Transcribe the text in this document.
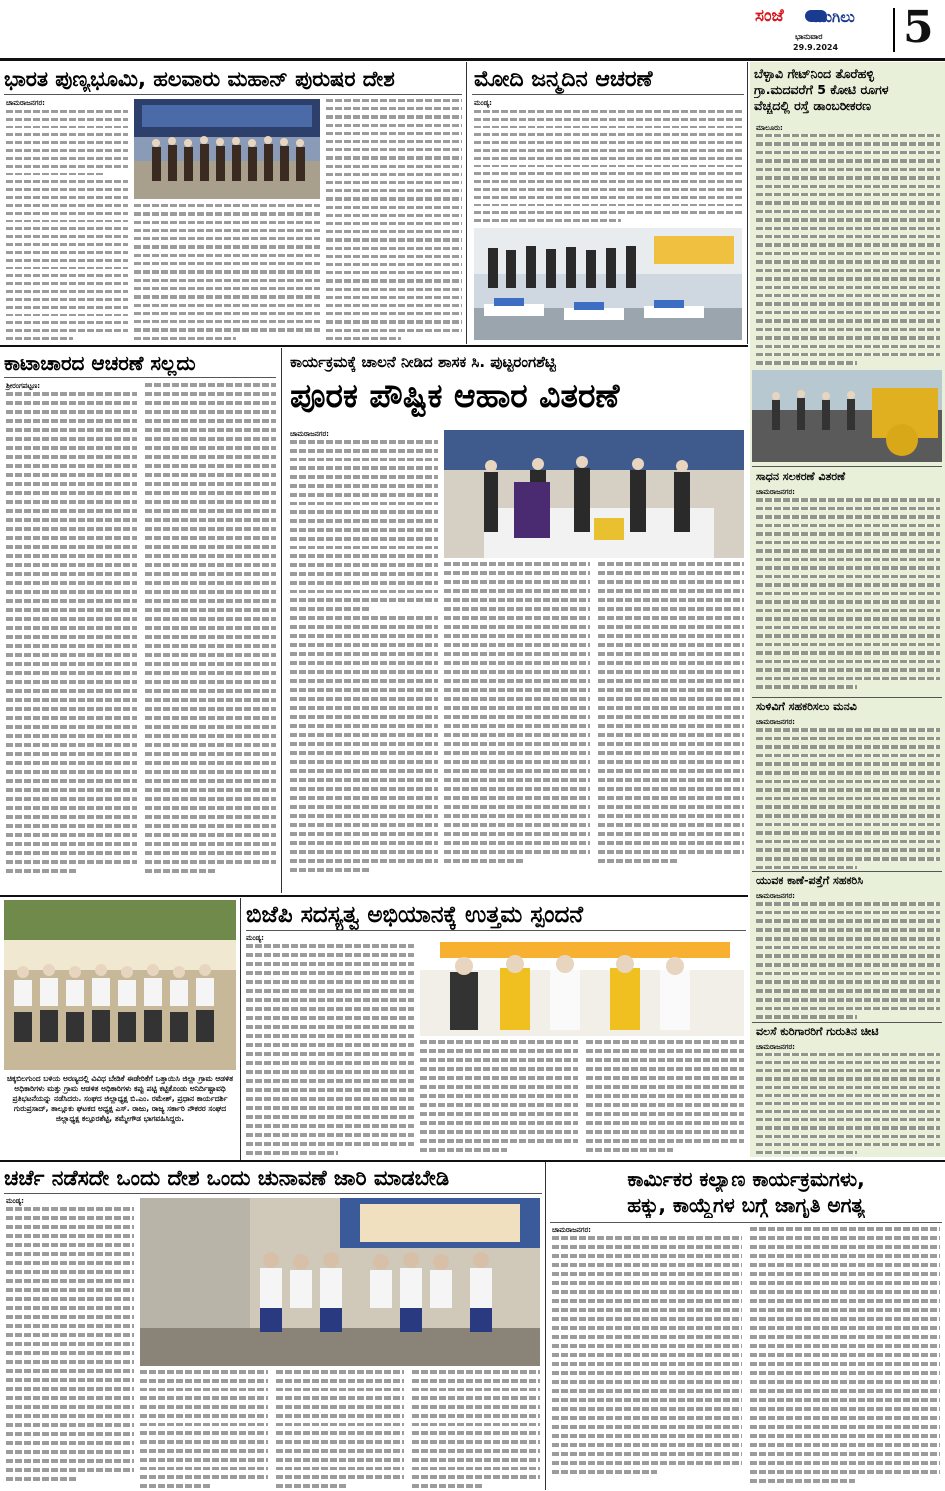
ಸಂಜೆ ಮುಗಿಲು
ಭಾನುವಾರ
29.9.2024 5
ಭಾರತ ಪುಣ್ಯಭೂಮಿ, ಹಲವಾರು ಮಹಾನ್ ಪುರುಷರ ದೇಶ
ಚಾಮರಾಜನಗರ:
ಮೋದಿ ಜನ್ಮದಿನ ಆಚರಣೆ
ಮಂಡ್ಯ:
ಬೆಳ್ಳಾವಿ ಗೇಟ್‌ನಿಂದ ತೊರೆಹಳ್ಳಿ
ಗ್ರಾ.ಮದವರೆಗೆ 5 ಕೋಟಿ ರೂಗಳ
ವೆಚ್ಚದಲ್ಲಿ ರಸ್ತೆ ಡಾಂಬರೀಕರಣ
ಮಾಲೂರು:
ಸಾಧನ ಸಲಕರಣೆ ವಿತರಣೆ
ಚಾಮರಾಜನಗರ:
ಸುಳಿವಿಗೆ ಸಹಕರಿಸಲು ಮನವಿ
ಚಾಮರಾಜನಗರ:
ಯುವಕ ಕಾಣೆ-ಪತ್ತೆಗೆ ಸಹಕರಿಸಿ
ಚಾಮರಾಜನಗರ:
ವಲಸೆ ಕುರಿಗಾರರಿಗೆ ಗುರುತಿನ ಚೀಟಿ
ಚಾಮರಾಜನಗರ:
ಕಾಟಾಚಾರದ ಆಚರಣೆ ಸಲ್ಲದು
ಶ್ರೀರಂಗಪಟ್ಟಣ:
ಕಾರ್ಯಕ್ರಮಕ್ಕೆ ಚಾಲನೆ ನೀಡಿದ ಶಾಸಕ ಸಿ. ಪುಟ್ಟರಂಗಶೆಟ್ಟಿ
ಪೂರಕ ಪೌಷ್ಟಿಕ ಆಹಾರ ವಿತರಣೆ
ಚಾಮರಾಜನಗರ:
ಚಿಕ್ಕಬಿಲಗುಂದ ಬಳಿಯ ಅರಣ್ಯದಲ್ಲಿ ವಿವಿಧ ಬೇಡಿಕೆ ಈಡೇರಿಕೆಗೆ ಒತ್ತಾಯಿಸಿ ಜಿಲ್ಲಾ ಗ್ರಾಮ ಆಡಳಿತ ಅಧಿಕಾರಿಗಳು ಮತ್ತು ಗ್ರಾಮ ಆಡಳಿತ ಅಧಿಕಾರಿಗಳು ಕಪ್ಪು ಪಟ್ಟಿ ಕಟ್ಟಿಕೊಂಡು ಅನಿರ್ದಿಷ್ಟಾವಧಿ ಪ್ರತಿಭಟನೆಯನ್ನು ನಡೆಸಿದರು. ಸಂಘದ ಜಿಲ್ಲಾಧ್ಯಕ್ಷ ಬಿ.ಎಂ. ರಮೇಶ್, ಪ್ರಧಾನ ಕಾರ್ಯದರ್ಶಿ ಗುರುಪ್ರಸಾದ್, ತಾಲ್ಲೂಕು ಘಟಕದ ಅಧ್ಯಕ್ಷ ಎಸ್. ರಾಜು, ರಾಜ್ಯ ಸರ್ಕಾರಿ ನೌಕರರ ಸಂಘದ ಜಿಲ್ಲಾಧ್ಯಕ್ಷ ಕಲ್ಪೂರಶೆಟ್ಟಿ, ತಮ್ಮೇಗೌಡ ಭಾಗವಹಿಸಿದ್ದರು.
ಬಿಜೆಪಿ ಸದಸ್ಯತ್ವ ಅಭಿಯಾನಕ್ಕೆ ಉತ್ತಮ ಸ್ಪಂದನೆ
ಮಂಡ್ಯ:
ಚರ್ಚೆ ನಡೆಸದೇ ಒಂದು ದೇಶ ಒಂದು ಚುನಾವಣೆ ಜಾರಿ ಮಾಡಬೇಡಿ
ಮಂಡ್ಯ:
ಕಾರ್ಮಿಕರ ಕಲ್ಯಾಣ ಕಾರ್ಯಕ್ರಮಗಳು,
ಹಕ್ಕು, ಕಾಯ್ದೆಗಳ ಬಗ್ಗೆ ಜಾಗೃತಿ ಅಗತ್ಯ
ಚಾಮರಾಜನಗರ:
